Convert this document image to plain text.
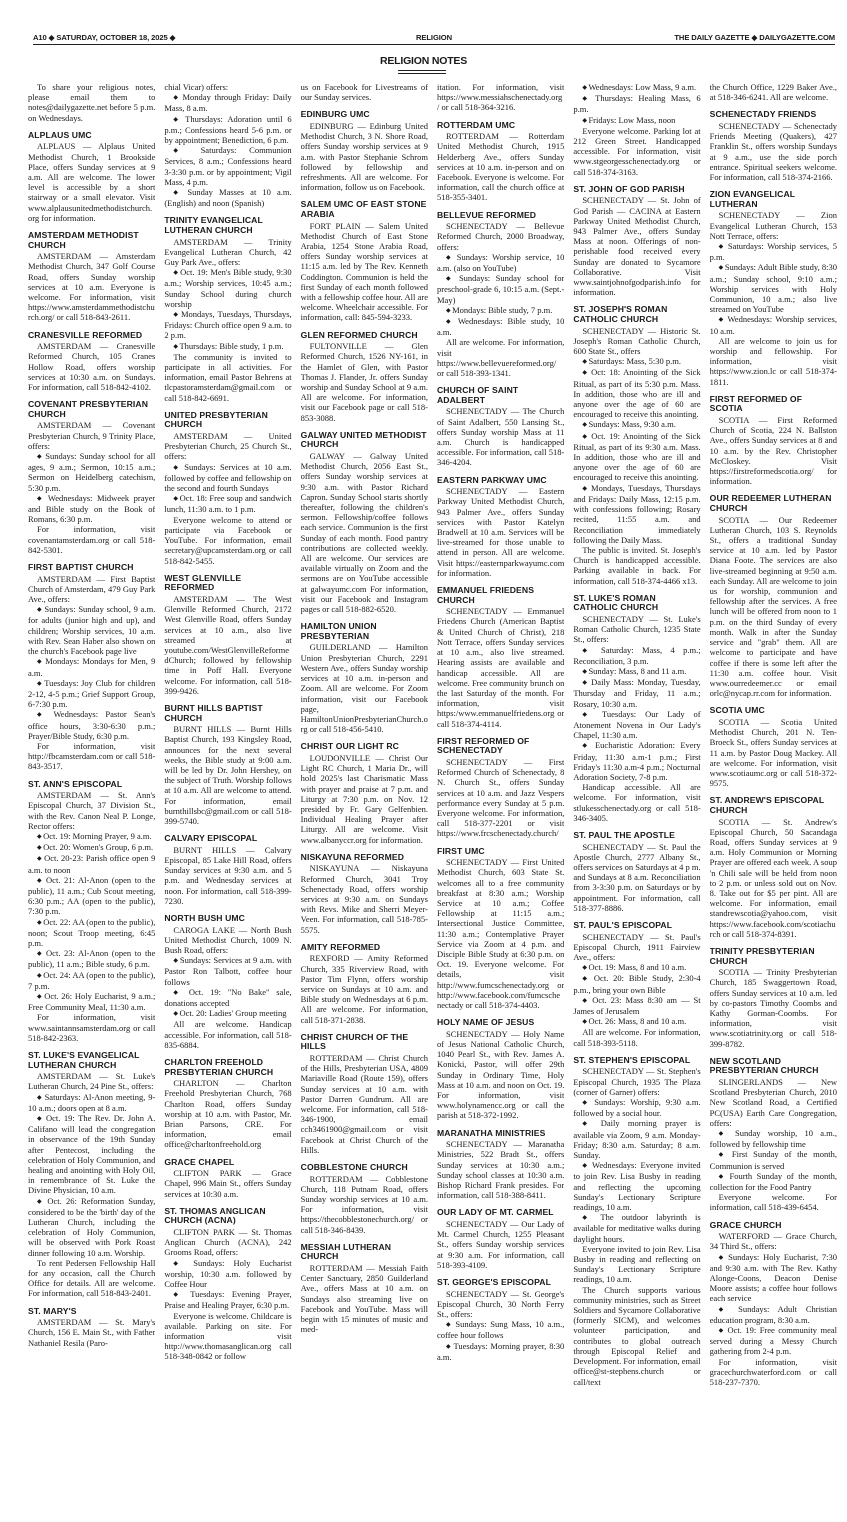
A10 ◆ SATURDAY, OCTOBER 18, 2025 ◆	RELIGION	THE DAILY GAZETTE ◆ DAILYGAZETTE.COM
RELIGION NOTES

To share your religious notes, please email them to notes@dailygazette.net before 5 p.m. on Wednesdays.

ALPLAUS UMC

ALPLAUS — Alplaus United Methodist Church, 1 Brookside Place, offers Sunday services at 9 a.m. All are welcome. The lower level is accessible by a short stairway or a small elevator. Visit www.alplausunitedmethodistchurch.org for information.

AMSTERDAM METHODIST CHURCH

AMSTERDAM — Amsterdam Methodist Church, 347 Golf Course Road, offers Sunday worship services at 10 a.m. Everyone is welcome. For information, visit https://www.amsterdammethodistchurch.org/ or call 518-843-2611.

CRANESVILLE REFORMED

AMSTERDAM — Cranesville Reformed Church, 105 Cranes Hollow Road, offers worship services at 10:30 a.m. on Sundays. For information, call 518-842-4102.

COVENANT PRESBYTERIAN CHURCH

AMSTERDAM — Covenant Presbyterian Church, 9 Trinity Place, offers:

◆ Sundays: Sunday school for all ages, 9 a.m.; Sermon, 10:15 a.m.; Sermon on Heidelberg catechism, 5:30 p.m.

◆ Wednesdays: Midweek prayer and Bible study on the Book of Romans, 6:30 p.m.

For information, visit covenantamsterdam.org or call 518-842-5301.

FIRST BAPTIST CHURCH

AMSTERDAM — First Baptist Church of Amsterdam, 479 Guy Park Ave., offers:

◆ Sundays: Sunday school, 9 a.m. for adults (junior high and up), and children; Worship services, 10 a.m. with Rev. Sean Haber also shown on the church's Facebook page live

◆ Mondays: Mondays for Men, 9 a.m.

◆ Tuesdays: Joy Club for children 2-12, 4-5 p.m.; Grief Support Group, 6-7:30 p.m.

◆ Wednesdays: Pastor Sean's office hours, 3:30-6:30 p.m.; Prayer/Bible Study, 6:30 p.m.

For information, visit http://fbcamsterdam.com or call 518-843-3517.

ST. ANN'S EPISCOPAL

AMSTERDAM — St. Ann's Episcopal Church, 37 Division St., with the Rev. Canon Neal P. Longe, Rector offers:

◆ Oct. 19: Morning Prayer, 9 a.m.

◆ Oct. 20: Women's Group, 6 p.m.

◆ Oct. 20-23: Parish office open 9 a.m. to noon

◆ Oct. 21: Al-Anon (open to the public), 11 a.m.; Cub Scout meeting, 6:30 p.m.; AA (open to the public), 7:30 p.m.

◆ Oct. 22: AA (open to the public), noon; Scout Troop meeting, 6:45 p.m.

◆ Oct. 23: Al-Anon (open to the public), 11 a.m.; Bible study, 6 p.m.

◆ Oct. 24: AA (open to the public), 7 p.m.

◆ Oct. 26: Holy Eucharist, 9 a.m.; Free Community Meal, 11:30 a.m.

For information, visit www.saintannsamsterdam.org or call 518-842-2363.

ST. LUKE'S EVANGELICAL LUTHERAN CHURCH

AMSTERDAM — St. Luke's Lutheran Church, 24 Pine St., offers:

◆ Saturdays: Al-Anon meeting, 9-10 a.m.; doors open at 8 a.m.

◆ Oct. 19: The Rev. Dr. John A. Califano will lead the congregation in observance of the 19th Sunday after Pentecost, including the celebration of Holy Communion, and healing and anointing with Holy Oil, in remembrance of St. Luke the Divine Physician, 10 a.m.

◆ Oct. 26: Reformation Sunday, considered to be the 'birth' day of the Lutheran Church, including the celebration of Holy Communion, will be observed with Pork Roast dinner following 10 a.m. Worship.

To rent Pedersen Fellowship Hall for any occasion, call the Church Office for details. All are welcome. For information, call 518-843-2401.

ST. MARY'S

AMSTERDAM — St. Mary's Church, 156 E. Main St., with Father Nathaniel Resila (Paro-

chial Vicar) offers:

◆ Monday through Friday: Daily Mass, 8 a.m.

◆ Thursdays: Adoration until 6 p.m.; Confessions heard 5-6 p.m. or by appointment; Benediction, 6 p.m.

◆ Saturdays: Communion Services, 8 a.m.; Confessions heard 3-3:30 p.m. or by appointment; Vigil Mass, 4 p.m.

◆ Sunday Masses at 10 a.m. (English) and noon (Spanish)

TRINITY EVANGELICAL LUTHERAN CHURCH

AMSTERDAM — Trinity Evangelical Lutheran Church, 42 Guy Park Ave., offers:

◆ Oct. 19: Men's Bible study, 9:30 a.m.; Worship services, 10:45 a.m.; Sunday School during church worship

◆ Mondays, Tuesdays, Thursdays, Fridays: Church office open 9 a.m. to 2 p.m.

◆ Thursdays: Bible study, 1 p.m.

The community is invited to participate in all activities. For information, email Pastor Behrens at tlcpastoramsterdam@gmail.com or call 518-842-6691.

UNITED PRESBYTERIAN CHURCH

AMSTERDAM — United Presbyterian Church, 25 Church St., offers:

◆ Sundays: Services at 10 a.m. followed by coffee and fellowship on the second and fourth Sundays

◆ Oct. 18: Free soup and sandwich lunch, 11:30 a.m. to 1 p.m.

Everyone welcome to attend or participate via Facebook or YouTube. For information, email secretary@upcamsterdam.org or call 518-842-5455.

WEST GLENVILLE REFORMED

AMSTERDAM — The West Glenville Reformed Church, 2172 West Glenville Road, offers Sunday services at 10 a.m., also live streamed at youtube.com/WestGlenvilleReformedChurch; followed by fellowship time in Poff Hall. Everyone welcome. For information, call 518-399-9426.

BURNT HILLS BAPTIST CHURCH

BURNT HILLS — Burnt Hills Baptist Church, 193 Kingsley Road, announces for the next several weeks, the Bible study at 9:00 a.m. will be led by Dr. John Hershey, on the subject of Truth. Worship follows at 10 a.m. All are welcome to attend. For information, email burnthillsbc@gmail.com or call 518-399-5740.

CALVARY EPISCOPAL

BURNT HILLS — Calvary Episcopal, 85 Lake Hill Road, offers Sunday services at 9:30 a.m. and 5 p.m. and Wednesday services at noon. For information, call 518-399-7230.

NORTH BUSH UMC

CAROGA LAKE — North Bush United Methodist Church, 1009 N. Bush Road, offers:

◆ Sundays: Services at 9 a.m. with Pastor Ron Talbott, coffee hour follows

◆ Oct. 19: "No Bake" sale, donations accepted

◆ Oct. 20: Ladies' Group meeting

All are welcome. Handicap accessible. For information, call 518-835-6884.

CHARLTON FREEHOLD PRESBYTERIAN CHURCH

CHARLTON — Charlton Freehold Presbyterian Church, 768 Charlton Road, offers Sunday worship at 10 a.m. with Pastor, Mr. Brian Parsons, CRE. For information, email office@charltonfreehold.org

GRACE CHAPEL

CLIFTON PARK — Grace Chapel, 996 Main St., offers Sunday services at 10:30 a.m.

ST. THOMAS ANGLICAN CHURCH (ACNA)

CLIFTON PARK — St. Thomas Anglican Church (ACNA), 242 Grooms Road, offers:

◆ Sundays: Holy Eucharist worship, 10:30 a.m. followed by Coffee Hour

◆ Tuesdays: Evening Prayer, Praise and Healing Prayer, 6:30 p.m.

Everyone is welcome. Childcare is available. Parking on site. For information visit http://www.thomasanglican.org call 518-348-0842 or follow

us on Facebook for Livestreams of our Sunday services.

EDINBURG UMC

EDINBURG — Edinburg United Methodist Church, 3 N. Shore Road, offers Sunday worship services at 9 a.m. with Pastor Stephanie Schrom followed by fellowship and refreshments. All are welcome. For information, follow us on Facebook.

SALEM UMC OF EAST STONE ARABIA

FORT PLAIN — Salem United Methodist Church of East Stone Arabia, 1254 Stone Arabia Road, offers Sunday worship services at 11:15 a.m. led by The Rev. Kenneth Coddington. Communion is held the first Sunday of each month followed with a fellowship coffee hour. All are welcome. Wheelchair accessible. For information, call: 845-594-3233.

GLEN REFORMED CHURCH

FULTONVILLE — Glen Reformed Church, 1526 NY-161, in the Hamlet of Glen, with Pastor Thomas J. Flander, Jr. offers Sunday worship and Sunday School at 9 a.m. All are welcome. For information, visit our Facebook page or call 518-853-3088.

GALWAY UNITED METHODIST CHURCH

GALWAY — Galway United Methodist Church, 2056 East St., offers Sunday worship services at 9:30 a.m. with Pastor Richard Capron. Sunday School starts shortly thereafter, following the children's sermon. Fellowship/coffee follows each service. Communion is the first Sunday of each month. Food pantry contributions are collected weekly. All are welcome. Our services are available virtually on Zoom and the sermons are on YouTube accessible at galwayumc.com For information, visit our Facebook and Instagram pages or call 518-882-6520.

HAMILTON UNION PRESBYTERIAN

GUILDERLAND — Hamilton Union Presbyterian Church, 2291 Western Ave., offers Sunday worship services at 10 a.m. in-person and Zoom. All are welcome. For Zoom information, visit our Facebook page, HamiltonUnionPresbyterianChurch.org or call 518-456-5410.

CHRIST OUR LIGHT RC

LOUDONVILLE — Christ Our Light RC Church, 1 Maria Dr., will hold 2025's last Charismatic Mass with prayer and praise at 7 p.m. and Liturgy at 7:30 p.m. on Nov. 12 presided by Fr. Gary Gelfenbien. Individual Healing Prayer after Liturgy. All are welcome. Visit www.albanyccr.org for information.

NISKAYUNA REFORMED

NISKAYUNA — Niskayuna Reformed Church, 3041 Troy Schenectady Road, offers worship services at 9:30 a.m. on Sundays with Revs. Mike and Sherri Meyer-Veen. For information, call 518-785-5575.

AMITY REFORMED

REXFORD — Amity Reformed Church, 335 Riverview Road, with Pastor Tim Flynn, offers worship service on Sundays at 10 a.m. and Bible study on Wednesdays at 6 p.m. All are welcome. For information, call 518-371-2838.

CHRIST CHURCH OF THE HILLS

ROTTERDAM — Christ Church of the Hills, Presbyterian USA, 4809 Mariaville Road (Route 159), offers Sunday services at 10 a.m. with Pastor Darren Gundrum. All are welcome. For information, call 518-346-1900, email cch3461900@gmail.com or visit Facebook at Christ Church of the Hills.

COBBLESTONE CHURCH

ROTTERDAM — Cobblestone Church, 118 Putnam Road, offers Sunday worship services at 10 a.m. For information, visit https://thecobblestonechurch.org/ or call 518-346-8439.

MESSIAH LUTHERAN CHURCH

ROTTERDAM — Messiah Faith Center Sanctuary, 2850 Guilderland Ave., offers Mass at 10 a.m. on Sundays also streaming live on Facebook and YouTube. Mass will begin with 15 minutes of music and med-

itation. For information, visit https://www.messiahschenectady.org/ or call 518-364-3216.

ROTTERDAM UMC

ROTTERDAM — Rotterdam United Methodist Church, 1915 Helderberg Ave., offers Sunday services at 10 a.m. in-person and on Facebook. Everyone is welcome. For information, call the church office at 518-355-3401.

BELLEVUE REFORMED

SCHENECTADY — Bellevue Reformed Church, 2000 Broadway, offers:

◆ Sundays: Worship service, 10 a.m. (also on YouTube)

◆ Sundays: Sunday school for preschool-grade 6, 10:15 a.m. (Sept.-May)

◆ Mondays: Bible study, 7 p.m.

◆ Wednesdays: Bible study, 10 a.m.

All are welcome. For information, visit https://www.bellevuereformed.org/ or call 518-393-1341.

CHURCH OF SAINT ADALBERT

SCHENECTADY — The Church of Saint Adalbert, 550 Lansing St., offers Sunday worship Mass at 11 a.m. Church is handicapped accessible. For information, call 518-346-4204.

EASTERN PARKWAY UMC

SCHENECTADY — Eastern Parkway United Methodist Church, 943 Palmer Ave., offers Sunday services with Pastor Katelyn Bradwell at 10 a.m. Services will be live-streamed for those unable to attend in person. All are welcome. Visit https://easternparkwayumc.com for information.

EMMANUEL FRIEDENS CHURCH

SCHENECTADY — Emmanuel Friedens Church (American Baptist & United Church of Christ), 218 Nott Terrace, offers Sunday services at 10 a.m., also live streamed. Hearing assists are available and handicap accessible. All are welcome. Free community brunch on the last Saturday of the month. For information, visit https:/www.emmanuelfriedens.org or call 518-374-4114.

FIRST REFORMED OF SCHENECTADY

SCHENECTADY — First Reformed Church of Schenectady, 8 N. Church St., offers Sunday services at 10 a.m. and Jazz Vespers performance every Sunday at 5 p.m. Everyone welcome. For information, call 518-377-2201 or visit https://www.frcschenectady.church/

FIRST UMC

SCHENECTADY — First United Methodist Church, 603 State St. welcomes all to a free community breakfast at 8:30 a.m.; Worship Service at 10 a.m.; Coffee Fellowship at 11:15 a.m.; Intersectional Justice Committee, 11:30 a.m.; Contemplative Prayer Service via Zoom at 4 p.m. and Disciple Bible Study at 6:30 p.m. on Oct. 19. Everyone welcome. For details, visit http://www.fumcschenectady.org or http://www.facebook.com/fumcschenectady or call 518-374-4403.

HOLY NAME OF JESUS

SCHENECTADY — Holy Name of Jesus National Catholic Church, 1040 Pearl St., with Rev. James A. Konicki, Pastor, will offer 29th Sunday in Ordinary Time, Holy Mass at 10 a.m. and noon on Oct. 19. For information, visit www.holynamencc.org or call the parish at 518-372-1992.

MARANATHA MINISTRIES

SCHENECTADY — Maranatha Ministries, 522 Bradt St., offers Sunday services at 10:30 a.m.; Sunday school classes at 10:30 a.m. Bishop Richard Frank presides. For information, call 518-388-8411.

OUR LADY OF MT. CARMEL

SCHENECTADY — Our Lady of Mt. Carmel Church, 1255 Pleasant St., offers Sunday worship services at 9:30 a.m. For information, call 518-393-4109.

ST. GEORGE'S EPISCOPAL

SCHENECTADY — St. George's Episcopal Church, 30 North Ferry St., offers:

◆ Sundays: Sung Mass, 10 a.m., coffee hour follows

◆ Tuesdays: Morning prayer, 8:30 a.m.

◆ Wednesdays: Low Mass, 9 a.m.

◆ Thursdays: Healing Mass, 6 p.m.

◆ Fridays: Low Mass, noon

Everyone welcome. Parking lot at 212 Green Street. Handicapped accessible. For information, visit www.stgeorgesschenectady.org or call 518-374-3163.

ST. JOHN OF GOD PARISH

SCHENECTADY — St. John of God Parish — CACINA at Eastern Parkway United Methodist Church, 943 Palmer Ave., offers Sunday Mass at noon. Offerings of non-perishable food received every Sunday are donated to Sycamore Collaborative. Visit www.saintjohnofgodparish.info for information.

ST. JOSEPH'S ROMAN CATHOLIC CHURCH

SCHENECTADY — Historic St. Joseph's Roman Catholic Church, 600 State St., offers

◆ Saturdays: Mass, 5:30 p.m.

◆ Oct: 18: Anointing of the Sick Ritual, as part of its 5:30 p.m. Mass. In addition, those who are ill and anyone over the age of 60 are encouraged to receive this anointing.

◆ Sundays: Mass, 9:30 a.m.

◆ Oct. 19: Anointing of the Sick Ritual, as part of its 9:30 a.m. Mass. In addition, those who are ill and anyone over the age of 60 are encouraged to receive this anointing.

◆ Mondays, Tuesdays, Thursdays and Fridays: Daily Mass, 12:15 p.m. with confessions following; Rosary recited, 11:55 a.m. and Reconciliation immediately following the Daily Mass.

The public is invited. St. Joseph's Church is handicapped accessible. Parking available in back. For information, call 518-374-4466 x13.

ST. LUKE'S ROMAN CATHOLIC CHURCH

SCHENECTADY — St. Luke's Roman Catholic Church, 1235 State St., offers:

◆ Saturday: Mass, 4 p.m.; Reconciliation, 3 p.m.

◆ Sunday: Mass, 8 and 11 a.m.

◆ Daily Mass: Monday, Tuesday, Thursday and Friday, 11 a.m.; Rosary, 10:30 a.m.

◆ Tuesdays: Our Lady of Atonement Novena in Our Lady's Chapel, 11:30 a.m.

◆ Eucharistic Adoration: Every Friday, 11:30 a.m-1 p.m.; First Friday's 11:30 a.m-4 p.m.; Nocturnal Adoration Society, 7-8 p.m.

Handicap accessible. All are welcome. For information, visit stlukesschenectady.org or call 518-346-3405.

ST. PAUL THE APOSTLE

SCHENECTADY — St. Paul the Apostle Church, 2777 Albany St., offers services on Saturdays at 4 p m. and Sundays at 8 a.m. Reconciliation from 3-3:30 p.m. on Saturdays or by appointment. For information, call 518-377-8886.

ST. PAUL'S EPISCOPAL

SCHENECTADY — St. Paul's Episcopal Church, 1911 Fairview Ave., offers:

◆ Oct. 19: Mass, 8 and 10 a.m.

◆ Oct. 20: Bible Study, 2:30-4 p.m., bring your own Bible

◆ Oct. 23: Mass 8:30 am — St James of Jerusalem

◆ Oct. 26: Mass, 8 and 10 a.m.

All are welcome. For information, call 518-393-5118.

ST. STEPHEN'S EPISCOPAL

SCHENECTADY — St. Stephen's Episcopal Church, 1935 The Plaza (corner of Garner) offers:

◆ Sundays: Worship, 9:30 a.m. followed by a social hour.

◆ Daily morning prayer is available via Zoom, 9 a.m. Monday-Friday; 8:30 a.m. Saturday; 8 a.m. Sunday.

◆ Wednesdays: Everyone invited to join Rev. Lisa Busby in reading and reflecting the upcoming Sunday's Lectionary Scripture readings, 10 a.m.

◆ The outdoor labyrinth is available for meditative walks during daylight hours.

Everyone invited to join Rev. Lisa Busby in reading and reflecting on Sunday's Lectionary Scripture readings, 10 a.m.

The Church supports various community ministries, such as Street Soldiers and Sycamore Collaborative (formerly SICM), and welcomes volunteer participation, and contributes to global outreach through Episcopal Relief and Development. For information, email office@st-stephens.church or call/text

the Church Office, 1229 Baker Ave., at 518-346-6241. All are welcome.

SCHENECTADY FRIENDS

SCHENECTADY — Schenectady Friends Meeting (Quakers), 427 Franklin St., offers worship Sundays at 9 a.m., use the side porch entrance. Spiritual seekers welcome. For information, call 518-374-2166.

ZION EVANGELICAL LUTHERAN

SCHENECTADY — Zion Evangelical Lutheran Church, 153 Nott Terrace, offers:

◆ Saturdays: Worship services, 5 p.m.

◆ Sundays: Adult Bible study, 8:30 a.m.; Sunday school, 9:10 a.m.; Worship services with Holy Communion, 10 a.m.; also live streamed on YouTube

◆ Wednesdays: Worship services, 10 a.m.

All are welcome to join us for worship and fellowship. For information, visit https://www.zion.lc or call 518-374-1811.

FIRST REFORMED OF SCOTIA

SCOTIA — First Reformed Church of Scotia, 224 N. Ballston Ave., offers Sunday services at 8 and 10 a.m. by the Rev. Christopher McCloskey. Visit https://firstreformedscotia.org/ for information.

OUR REDEEMER LUTHERAN CHURCH

SCOTIA — Our Redeemer Lutheran Church, 103 S. Reynolds St., offers a traditional Sunday service at 10 a.m. led by Pastor Diana Foote. The services are also live-streamed beginning at 9:50 a.m. each Sunday. All are welcome to join us for worship, communion and fellowship after the services. A free lunch will be offered from noon to 1 p.m. on the third Sunday of every month. Walk in after the Sunday service and "grab" them. All are welcome to participate and have coffee if there is some left after the 11:30 a.m. coffee hour. Visit www.ourredeemer.cc or email orlc@nycap.rr.com for information.

SCOTIA UMC

SCOTIA — Scotia United Methodist Church, 201 N. Ten-Broeck St., offers Sunday services at 11 a.m. by Pastor Doug Mackey. All are welcome. For information, visit www.scotiaumc.org or call 518-372-9575.

ST. ANDREW'S EPISCOPAL CHURCH

SCOTIA — St. Andrew's Episcopal Church, 50 Sacandaga Road, offers Sunday services at 9 a.m. Holy Communion or Morning Prayer are offered each week. A soup 'n Chili sale will be held from noon to 2 p.m. or unless sold out on Nov. 8. Take out for $5 per pint. All are welcome. For information, email standrewscotia@yahoo.com, visit https://www.facebook.com/scotiachurch or call 518-374-8391.

TRINITY PRESBYTERIAN CHURCH

SCOTIA — Trinity Presbyterian Church, 185 Swaggertown Road, offers Sunday services at 10 a.m. led by co-pastors Timothy Coombs and Kathy Gorman-Coombs. For information, visit www.scotiatrinity.org or call 518-399-8782.

NEW SCOTLAND PRESBYTERIAN CHURCH

SLINGERLANDS — New Scotland Presbyterian Church, 2010 New Scotland Road, a Certified PC(USA) Earth Care Congregation, offers:

◆ Sunday worship, 10 a.m., followed by fellowship time

◆ First Sunday of the month, Communion is served

◆ Fourth Sunday of the month, collection for the Food Pantry

Everyone welcome. For information, call 518-439-6454.

GRACE CHURCH

WATERFORD — Grace Church, 34 Third St., offers:

◆ Sundays: Holy Eucharist, 7:30 and 9:30 a.m. with The Rev. Kathy Alonge-Coons, Deacon Denise Moore assists; a coffee hour follows each service

◆ Sundays: Adult Christian education program, 8:30 a.m.

◆ Oct. 19: Free community meal served during a Messy Church gathering from 2-4 p.m.

For information, visit gracechurchwaterford.com or call 518-237-7370.
